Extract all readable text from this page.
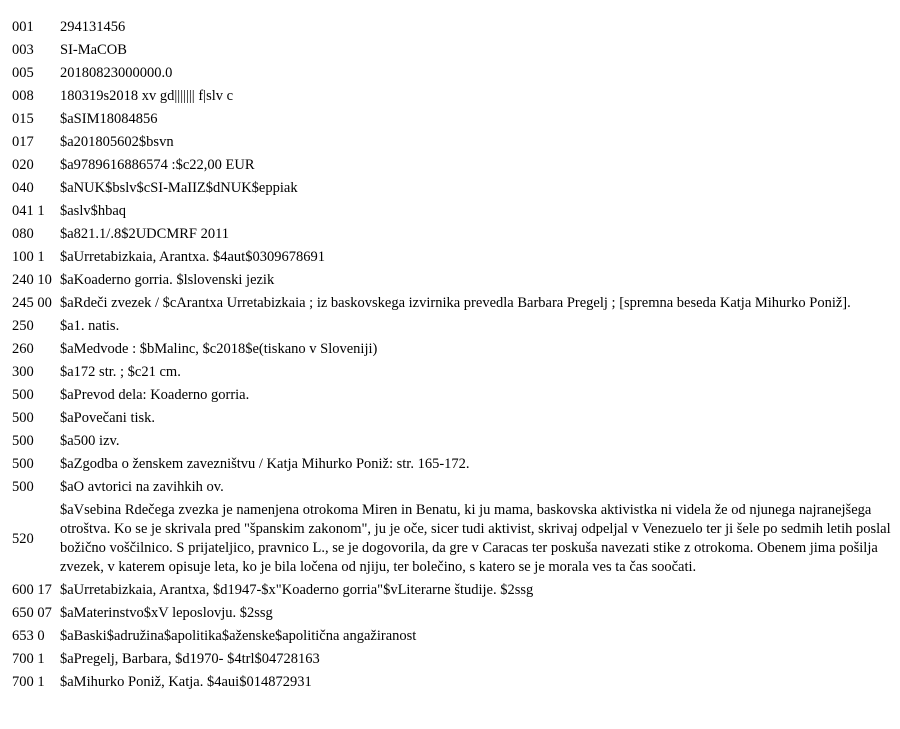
001	294131456
003	SI-MaCOB
005	20180823000000.0
008	180319s2018 xv gd||||||| f|slv c
015	$aSIM18084856
017	$a201805602$bsvn
020	$a9789616886574 :$c22,00 EUR
040	$aNUK$bslv$cSI-MaIIZ$dNUK$eppiak
041 1	$aslv$hbaq
080	$a821.1/.8$2UDCMRF 2011
100 1	$aUrretabizkaia, Arantxa. $4aut$0309678691
240 10	$aKoaderno gorria. $lslovenski jezik
245 00	$aRdeči zvezek / $cArantxa Urretabizkaia ; iz baskovskega izvirnika prevedla Barbara Pregelj ; [spremna beseda Katja Mihurko Poniž].
250	$a1. natis.
260	$aMedvode : $bMalinc, $c2018$e(tiskano v Sloveniji)
300	$a172 str. ; $c21 cm.
500	$aPrevod dela: Koaderno gorria.
500	$aPovečani tisk.
500	$a500 izv.
500	$aZgodba o ženskem zavezništvu / Katja Mihurko Poniž: str. 165-172.
500	$aO avtorici na zavihkih ov.
520	$aVsebina Rdečega zvezka je namenjena otrokoma Miren in Benatu, ki ju mama, baskovska aktivistka ni videla že od njunega najranejšega otroštva. Ko se je skrivala pred "španskim zakonom", ju je oče, sicer tudi aktivist, skrivaj odpeljal v Venezuelo ter ji šele po sedmih letih poslal božično voščilnico. S prijateljico, pravnico L., se je dogovorila, da gre v Caracas ter poskuša navezati stike z otrokoma. Obenem jima pošilja zvezek, v katerem opisuje leta, ko je bila ločena od njiju, ter bolečino, s katero se je morala ves ta čas soočati.
600 17	$aUrretabizkaia, Arantxa, $d1947-$x"Koaderno gorria"$vLiterarne študije. $2ssg
650 07	$aMaterinstvo$xV leposlovju. $2ssg
653 0	$aBaski$adružina$apolitika$aženske$apolitična angažiranost
700 1	$aPregelj, Barbara, $d1970- $4trl$04728163
700 1	$aMihurko Poniž, Katja. $4aui$014872931
